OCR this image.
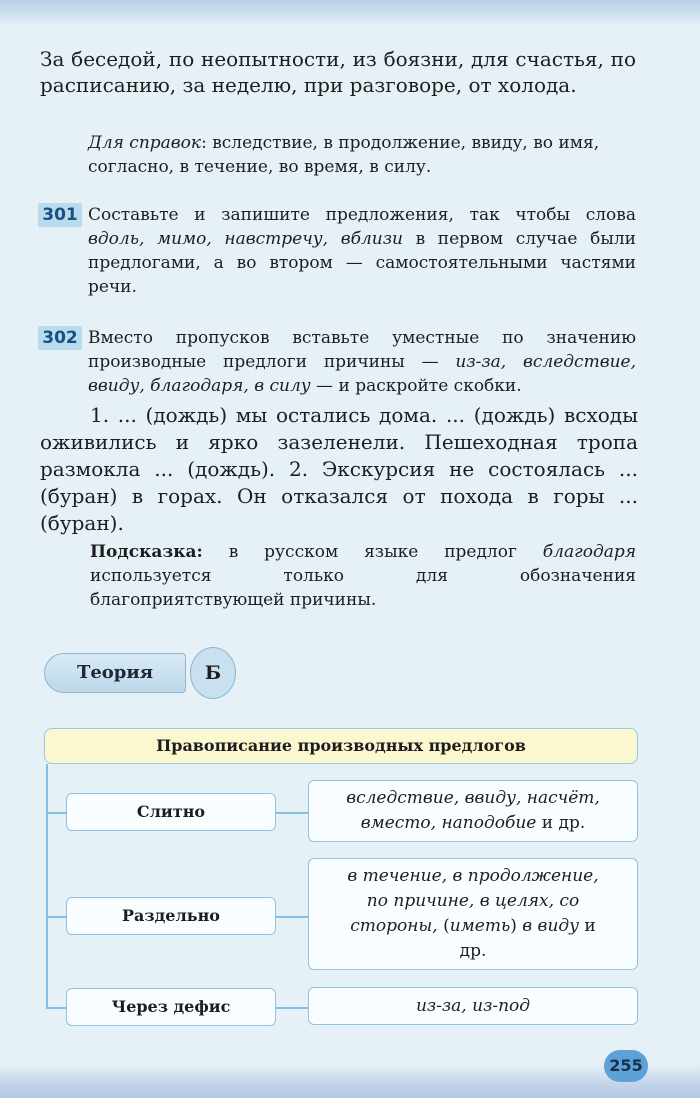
За беседой, по неопытности, из боязни, для счастья, по расписанию, за неделю, при разговоре, от холода.

Для справок: вследствие, в продолжение, ввиду, во имя, согласно, в течение, во время, в силу.

301 Составьте и запишите предложения, так чтобы слова вдоль, мимо, навстречу, вблизи в первом случае были предлогами, а во втором — самостоятельными частями речи.

302 Вместо пропусков вставьте уместные по значению производные предлоги причины — из-за, вследствие, ввиду, благодаря, в силу — и раскройте скобки.

1. ... (дождь) мы остались дома. ... (дождь) всходы оживились и ярко зазеленели. Пешеходная тропа размокла ... (дождь). 2. Экскурсия не состоялась ... (буран) в горах. Он отказался от похода в горы ... (буран).

Подсказка: в русском языке предлог благодаря используется только для обозначения благоприятствующей причины.

Теория	Б
Правописание производных предлогов
Слитно
вследствие, ввиду, насчёт, вместо, наподобие и др.
Раздельно
в течение, в продолжение, по причине, в целях, со стороны, (иметь) в виду и др.
Через дефис	из-за, из-под
255
